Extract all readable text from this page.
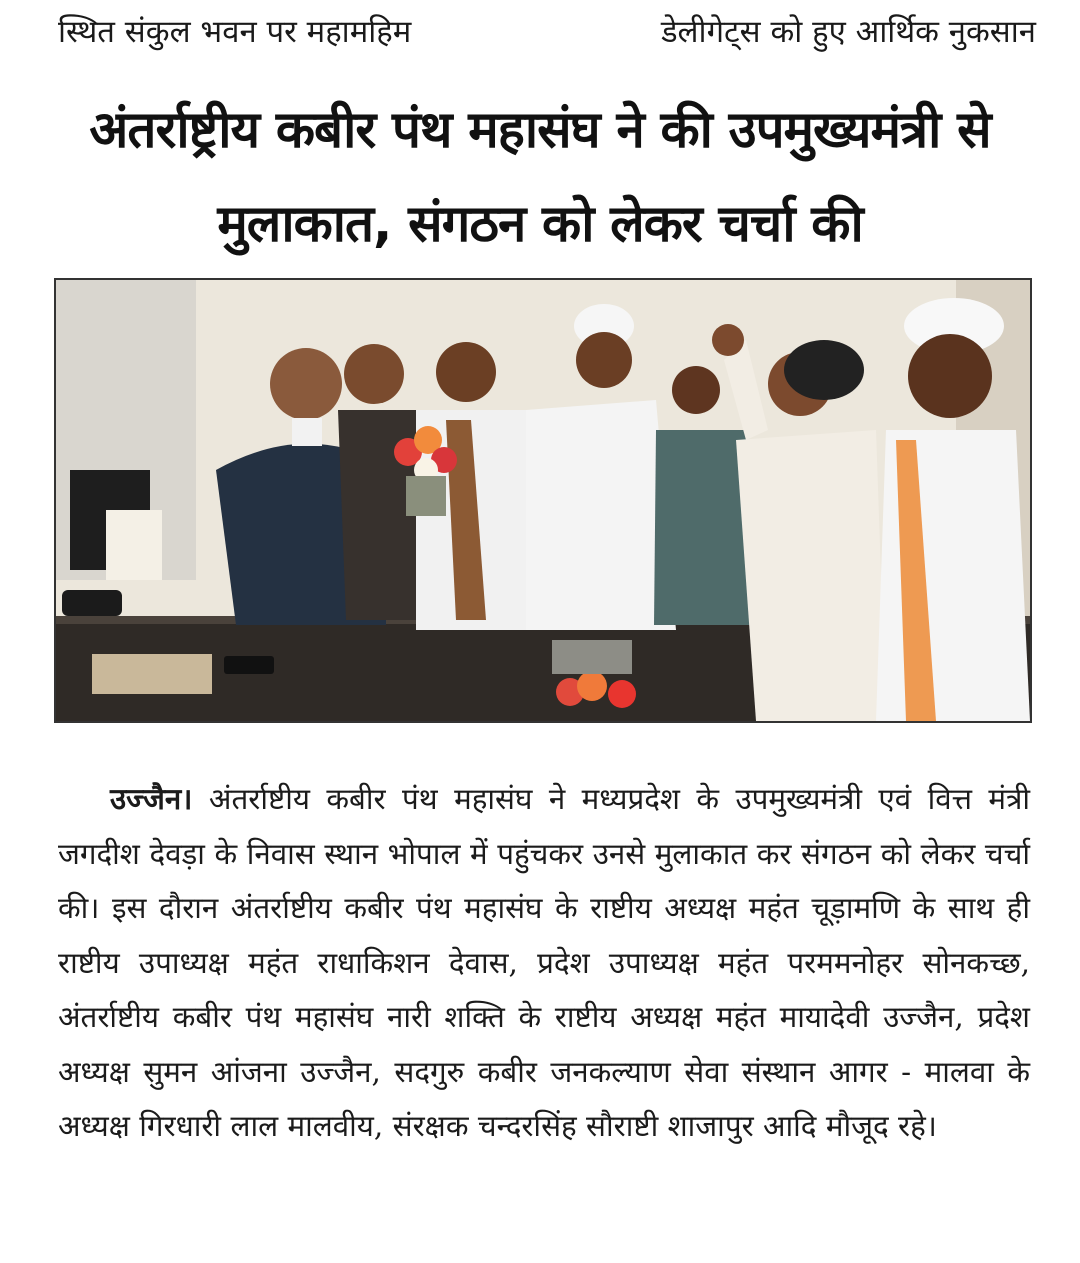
स्थित संकुल भवन पर महामहिम	डेलीगेट्स को हुए आर्थिक नुकसान
अंतर्राष्ट्रीय कबीर पंथ महासंघ ने की उपमुख्यमंत्री से मुलाकात, संगठन को लेकर चर्चा की
उज्जैन। अंतर्राष्टीय कबीर पंथ महासंघ ने मध्यप्रदेश के उपमुख्यमंत्री एवं वित्त मंत्री जगदीश देवड़ा के निवास स्थान भोपाल में पहुंचकर उनसे मुलाकात कर संगठन को लेकर चर्चा की। इस दौरान अंतर्राष्टीय कबीर पंथ महासंघ के राष्टीय अध्यक्ष महंत चूड़ामणि के साथ ही राष्टीय उपाध्यक्ष महंत राधाकिशन देवास, प्रदेश उपाध्यक्ष महंत परममनोहर सोनकच्छ, अंतर्राष्टीय कबीर पंथ महासंघ नारी शक्ति के राष्टीय अध्यक्ष महंत मायादेवी उज्जैन, प्रदेश अध्यक्ष सुमन आंजना उज्जैन, सदगुरु कबीर जनकल्याण सेवा संस्थान आगर - मालवा के अध्यक्ष गिरधारी लाल मालवीय, संरक्षक चन्दरसिंह सौराष्टी शाजापुर आदि मौजूद रहे।
